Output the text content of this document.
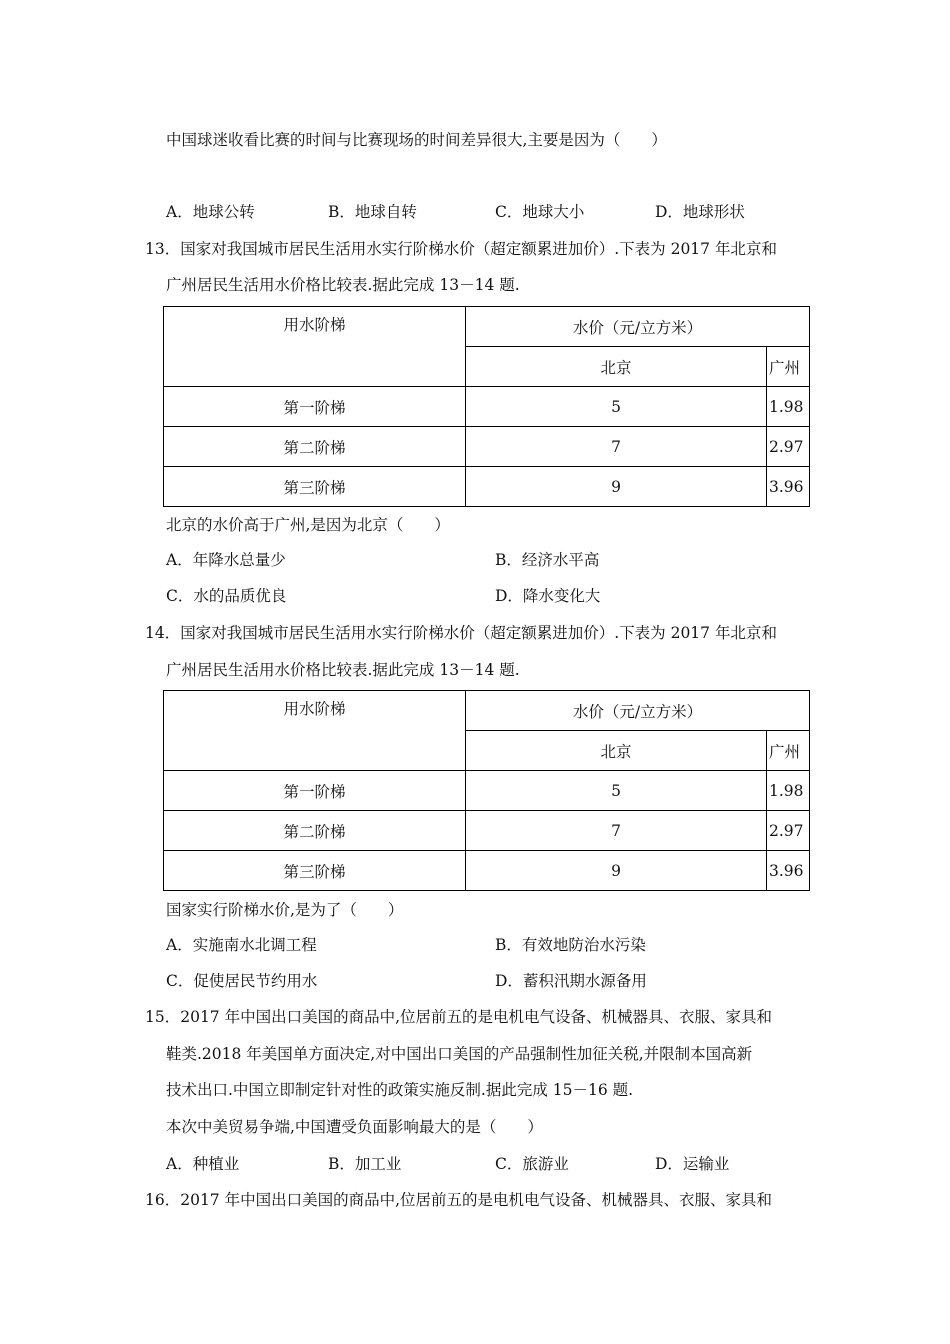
中国球迷收看比赛的时间与比赛现场的时间差异很大,主要是因为（　　）
A．地球公转	B．地球自转	C．地球大小	D．地球形状
13．国家对我国城市居民生活用水实行阶梯水价（超定额累进加价）.下表为 2017 年北京和
广州居民生活用水价格比较表.据此完成 13－14 题.
用水阶梯	水价（元/立方米）	
	北京	广州
第一阶梯	5	1.98
第二阶梯	7	2.97
第三阶梯	9	3.96
北京的水价高于广州,是因为北京（　　）
A．年降水总量少	B．经济水平高
C．水的品质优良	D．降水变化大
14．国家对我国城市居民生活用水实行阶梯水价（超定额累进加价）.下表为 2017 年北京和
广州居民生活用水价格比较表.据此完成 13－14 题.
用水阶梯	水价（元/立方米）	
	北京	广州
第一阶梯	5	1.98
第二阶梯	7	2.97
第三阶梯	9	3.96
国家实行阶梯水价,是为了（　　）
A．实施南水北调工程	B．有效地防治水污染
C．促使居民节约用水	D．蓄积汛期水源备用
15．2017 年中国出口美国的商品中,位居前五的是电机电气设备、机械器具、衣服、家具和
鞋类.2018 年美国单方面决定,对中国出口美国的产品强制性加征关税,并限制本国高新
技术出口.中国立即制定针对性的政策实施反制.据此完成 15－16 题.
本次中美贸易争端,中国遭受负面影响最大的是（　　）
A．种植业	B．加工业	C．旅游业	D．运输业
16．2017 年中国出口美国的商品中,位居前五的是电机电气设备、机械器具、衣服、家具和
